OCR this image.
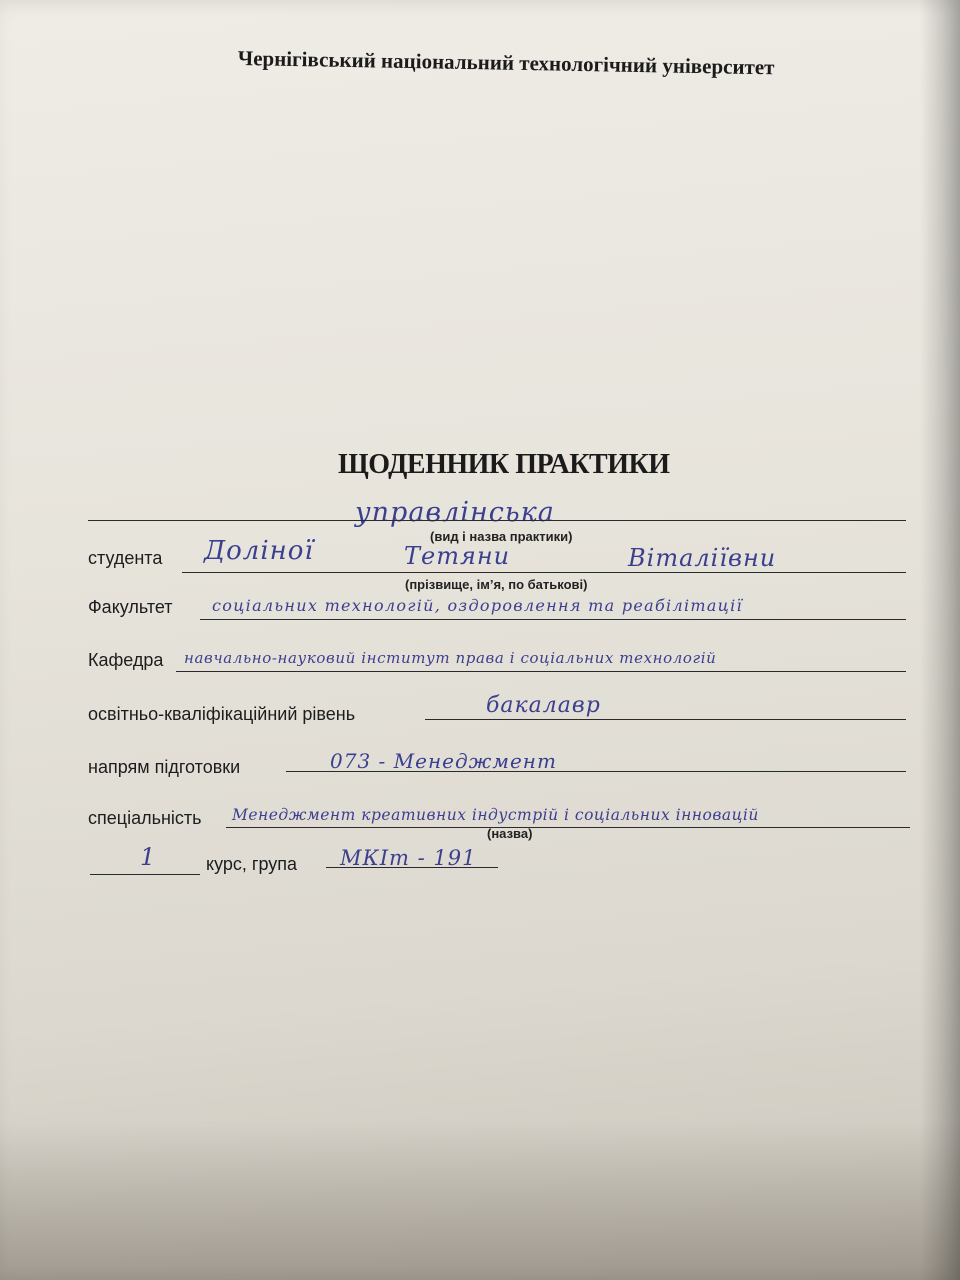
Чернігівський національний технологічний університет
ЩОДЕННИК ПРАКТИКИ
управлінська
(вид і назва практики)
студента Доліної	Тетяни	Віталіївни
(прізвище, ім’я, по батькові)
Факультет соціальних технологій, оздоровлення та реабілітації
Кафедра навчально-науковий інститут права і соціальних технологій
освітньо-кваліфікаційний рівень	бакалавр
напрям підготовки	073 - Менеджмент
спеціальність Менеджмент креативних індустрій і соціальних інновацій
(назва)
1	курс, група МКІт - 191
